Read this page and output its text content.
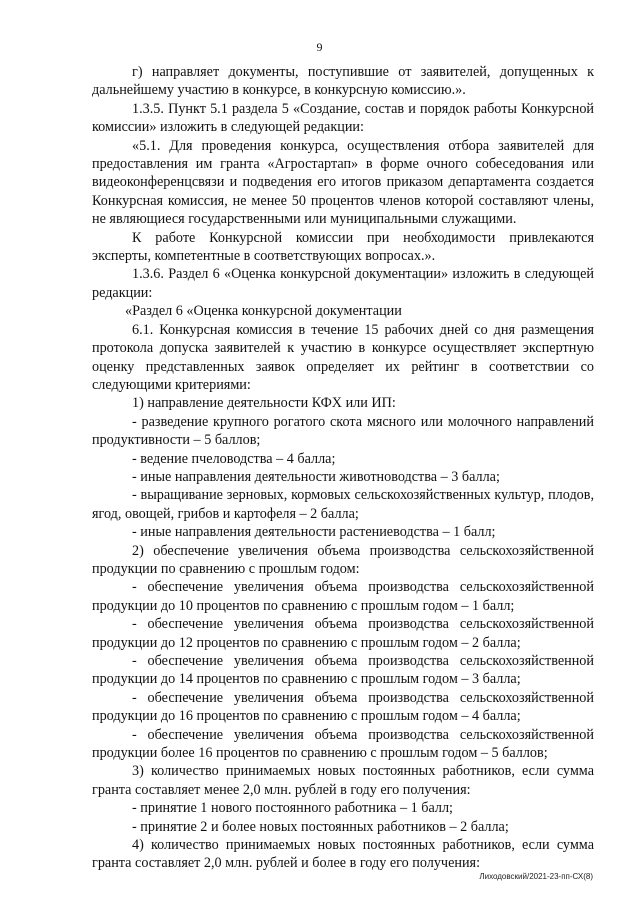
9

г) направляет документы, поступившие от заявителей, допущенных к дальнейшему участию в конкурсе, в конкурсную комиссию.».

1.3.5. Пункт 5.1 раздела 5 «Создание, состав и порядок работы Конкурсной комиссии» изложить в следующей редакции:

«5.1. Для проведения конкурса, осуществления отбора заявителей для предоставления им гранта «Агростартап» в форме очного собеседования или видеоконференцсвязи и подведения его итогов приказом департамента создается Конкурсная комиссия, не менее 50 процентов членов которой составляют члены, не являющиеся государственными или муниципальными служащими.

К работе Конкурсной комиссии при необходимости привлекаются эксперты, компетентные в соответствующих вопросах.».

1.3.6. Раздел 6 «Оценка конкурсной документации» изложить в следующей редакции:

«Раздел 6 «Оценка конкурсной документации

6.1. Конкурсная комиссия в течение 15 рабочих дней со дня размещения протокола допуска заявителей к участию в конкурсе осуществляет экспертную оценку представленных заявок определяет их рейтинг в соответствии со следующими критериями:

1) направление деятельности КФХ или ИП:

- разведение крупного рогатого скота мясного или молочного направлений продуктивности – 5 баллов;

- ведение пчеловодства – 4 балла;

- иные направления деятельности животноводства – 3 балла;

- выращивание зерновых, кормовых сельскохозяйственных культур, плодов, ягод, овощей, грибов и картофеля – 2 балла;

- иные направления деятельности растениеводства – 1 балл;

2) обеспечение увеличения объема производства сельскохозяйственной продукции по сравнению с прошлым годом:

- обеспечение увеличения объема производства сельскохозяйственной продукции до 10 процентов по сравнению с прошлым годом – 1 балл;

- обеспечение увеличения объема производства сельскохозяйственной продукции до 12 процентов по сравнению с прошлым годом – 2 балла;

- обеспечение увеличения объема производства сельскохозяйственной продукции до 14 процентов по сравнению с прошлым годом – 3 балла;

- обеспечение увеличения объема производства сельскохозяйственной продукции до 16 процентов по сравнению с прошлым годом – 4 балла;

- обеспечение увеличения объема производства сельскохозяйственной продукции более 16 процентов по сравнению с прошлым годом – 5 баллов;

3) количество принимаемых новых постоянных работников, если сумма гранта составляет менее 2,0 млн. рублей в году его получения:

- принятие 1 нового постоянного работника – 1 балл;

- принятие 2 и более новых постоянных работников – 2 балла;

4) количество принимаемых новых постоянных работников, если сумма гранта составляет 2,0 млн. рублей и более в году его получения:

Лиходовский/2021-23-пп-СХ(8)
